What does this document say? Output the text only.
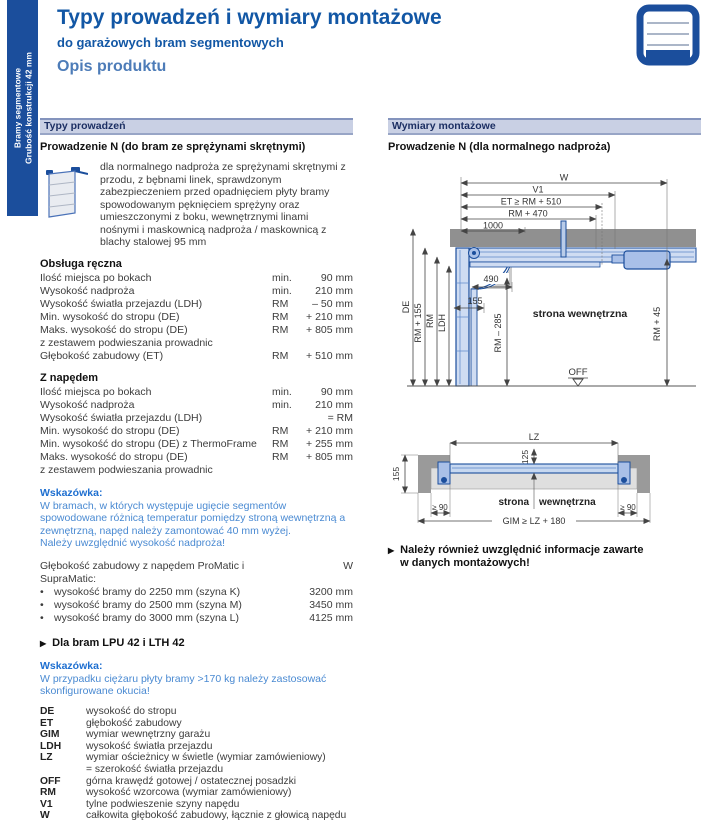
Bramy segmentowe Grubość konstrukcji 42 mm
Typy prowadzeń i wymiary montażowe
do garażowych bram segmentowych
Opis produktu
Typy prowadzeń
Prowadzenie N (do bram ze sprężynami skrętnymi)
dla normalnego nadproża ze sprężynami skrętnymi z przodu, z bębnami linek, sprawdzonym zabezpieczeniem przed opadnięciem płyty bramy spowodowanym pęknięciem sprężyny oraz umieszczonymi z boku, wewnętrznymi linami nośnymi i maskownicą nadproża / maskownicą z blachy stalowej 95 mm
Obsługa ręczna
Ilość miejsca po bokach	min.	90 mm
Wysokość nadproża	min.	210 mm
Wysokość światła przejazdu (LDH)	RM	– 50 mm
Min. wysokość do stropu (DE)	RM	+ 210 mm
Maks. wysokość do stropu (DE)	RM	+ 805 mm
z zestawem podwieszania prowadnic
Głębokość zabudowy (ET)	RM	+ 510 mm
Z napędem
Ilość miejsca po bokach	min.	90 mm
Wysokość nadproża	min.	210 mm
Wysokość światła przejazdu (LDH)	= RM
Min. wysokość do stropu (DE)	RM	+ 210 mm
Min. wysokość do stropu (DE) z ThermoFrame	RM	+ 255 mm
Maks. wysokość do stropu (DE)	RM	+ 805 mm
z zestawem podwieszania prowadnic
Wskazówka:
W bramach, w których występuje ugięcie segmentów spowodowane różnicą temperatur pomiędzy stroną wewnętrzną a zewnętrzną, napęd należy zamontować 40 mm wyżej.
Należy uwzględnić wysokość nadproża!
Głębokość zabudowy z napędem ProMatic i SupraMatic:
W
• wysokość bramy do 2250 mm (szyna K)	3200 mm
• wysokość bramy do 2500 mm (szyna M)	3450 mm
• wysokość bramy do 3000 mm (szyna L)	4125 mm
▶ Dla bram LPU 42 i LTH 42
Wskazówka:
W przypadku ciężaru płyty bramy >170 kg należy zastosować skonfigurowane okucia!
DE	wysokość do stropu
ET	głębokość zabudowy
GIM	wymiar wewnętrzny garażu
LDH	wysokość światła przejazdu
LZ	wymiar ościeżnicy w świetle (wymiar zamówieniowy)
= szerokość światła przejazdu
OFF	górna krawędź gotowej / ostatecznej posadzki
RM	wysokość wzorcowa (wymiar zamówieniowy)
V1	tylne podwieszenie szyny napędu
W	całkowita głębokość zabudowy, łącznie z głowicą napędu
Wymiary montażowe
Prowadzenie N (dla normalnego nadproża)
W
V1
ET ≥ RM + 510
RM + 470
1000
490
155
DE RM + 155 RM LDH	RM – 285	RM + 45
strona wewnętrzna
OFF

LZ
125
155
strona wewnętrzna
≥ 90	≥ 90
GIM ≥ LZ + 180
▶ Należy również uwzględnić informacje zawarte
w danych montażowych!
